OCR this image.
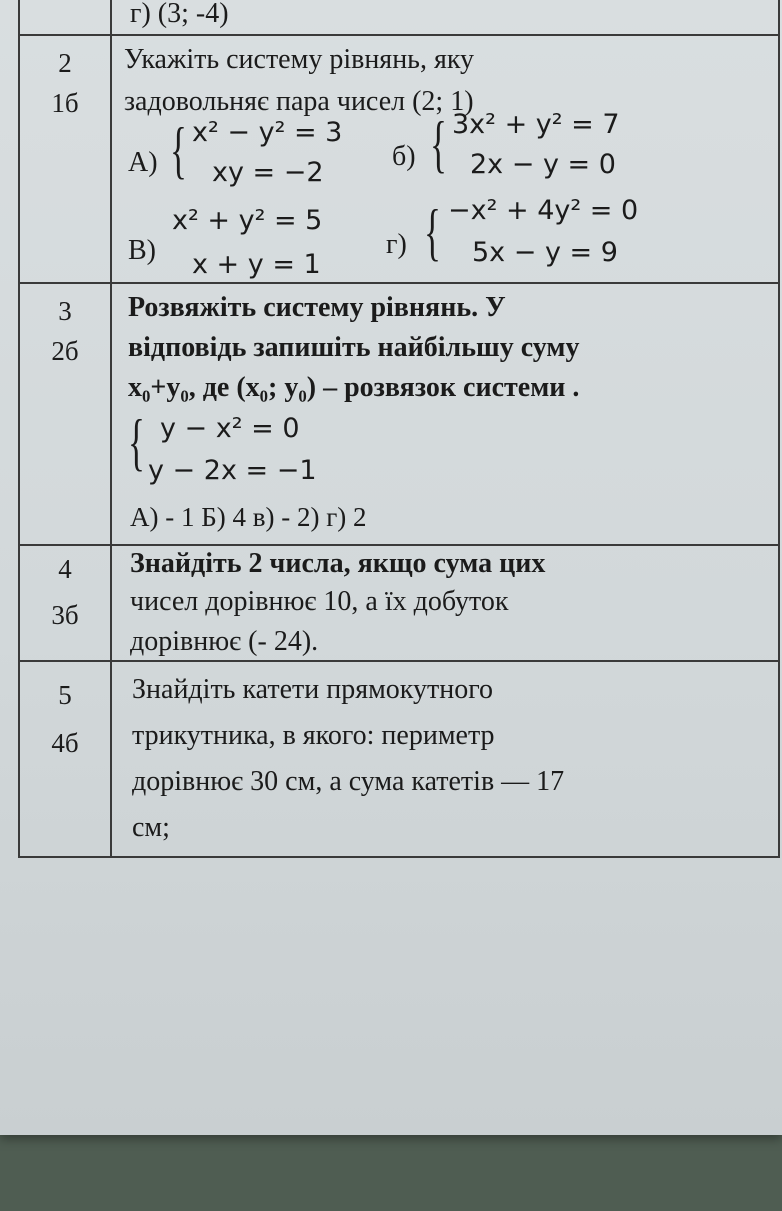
г) (3; -4)
2
1б
Укажіть систему рівнянь, яку
задовольняє пара чисел (2; 1)
А) { x² − y² = 3
xy = −2
б) { 3x² + y² = 7
2x − y = 0
В)
x² + y² = 5
x + y = 1
г) { −x² + 4y² = 0
5x − y = 9
3
2б
Розвяжіть систему рівнянь. У
відповідь запишіть найбільшу суму
x₀+y₀, де (x₀; y₀) – розвязок системи .
{ y − x² = 0
y − 2x = −1
А) - 1 Б) 4 в) - 2) г) 2
4
3б
Знайдіть 2 числа, якщо сума цих
чисел дорівнює 10, а їх добуток
дорівнює (- 24).
5
4б
Знайдіть катети прямокутного
трикутника, в якого: периметр
дорівнює 30 см, а сума катетів — 17
см;
